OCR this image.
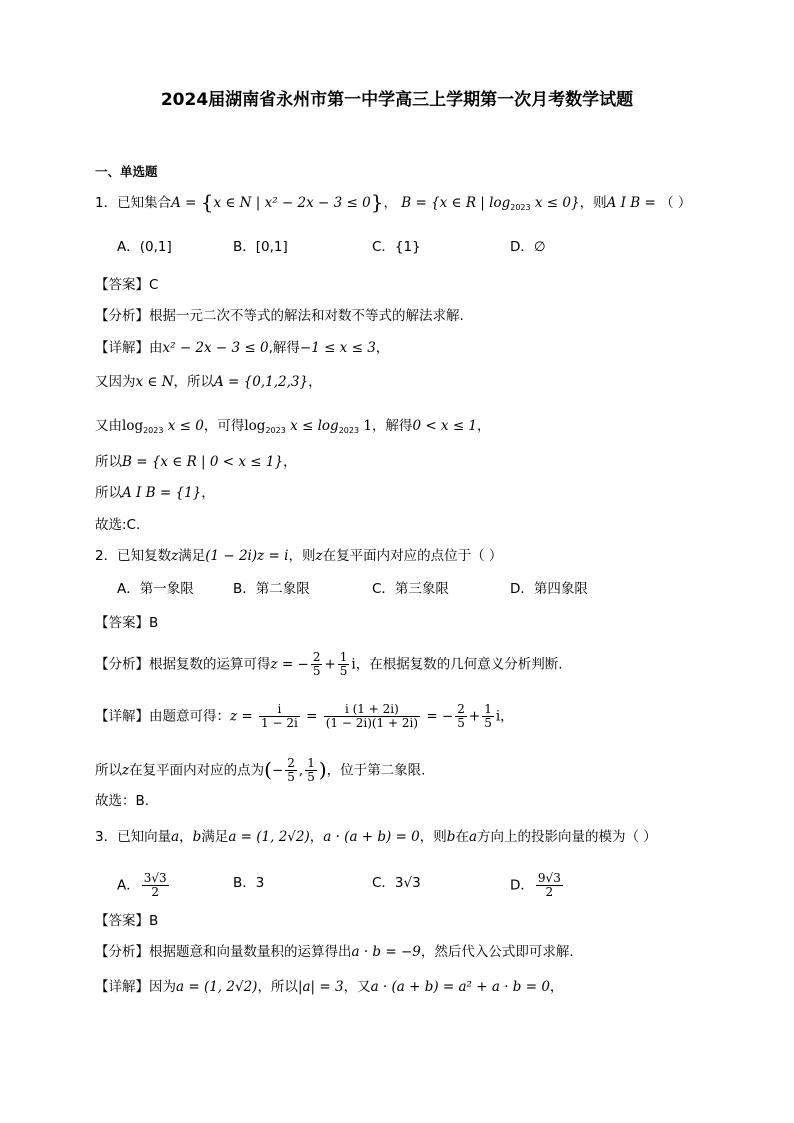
2024届湖南省永州市第一中学高三上学期第一次月考数学试题
一、单选题
1．已知集合A = {x ∈ N | x² − 2x − 3 ≤ 0}， B = {x ∈ R | $\log_{2023} x \le 0$}，则A I B = （ ）
A．(0,1]	B．[0,1]	C．{1}	D．∅
【答案】C
【分析】根据一元二次不等式的解法和对数不等式的解法求解.
【详解】由x² − 2x − 3 ≤ 0,解得−1 ≤ x ≤ 3，
又因为x ∈ N，所以A = {0,1,2,3}，
又由$\log_{2023} x \le 0$，可得$\log_{2023} x \le \log_{2023} 1$，解得0 < x ≤ 1，
所以B = {x ∈ R | 0 < x ≤ 1}，
所以A I B = {1}，
故选:C.
2．已知复数z满足(1 − 2i)z = i，则z在复平面内对应的点位于（ ）
A．第一象限	B．第二象限	C．第三象限	D．第四象限
【答案】B
【分析】根据复数的运算可得z = − $\frac{2}{5} + \frac{1}{5}$ i，在根据复数的几何意义分析判断.
【详解】由题意可得：$z = \frac{i}{1 - 2i} = \frac{i (1 + 2i)}{(1 - 2i)(1 + 2i)}$ = − $\frac{2}{5} + \frac{1}{5}$ i，
所以z在复平面内对应的点为(− $\frac{2}{5}$ , $\frac{1}{5}$ )，位于第二象限.
故选：B.
3．已知向量a，b满足a = (1, 2√2)，a · (a + b) = 0，则b在a方向上的投影向量的模为（ ）
A． $\frac{3√3}{2}$	B．3	C．3√3	D． $\frac{9√3}{2}$
【答案】B
【分析】根据题意和向量数量积的运算得出a · b = −9，然后代入公式即可求解.
【详解】因为a = (1, 2√2)，所以|a| = 3，又a · (a + b) = a² + a · b = 0，
